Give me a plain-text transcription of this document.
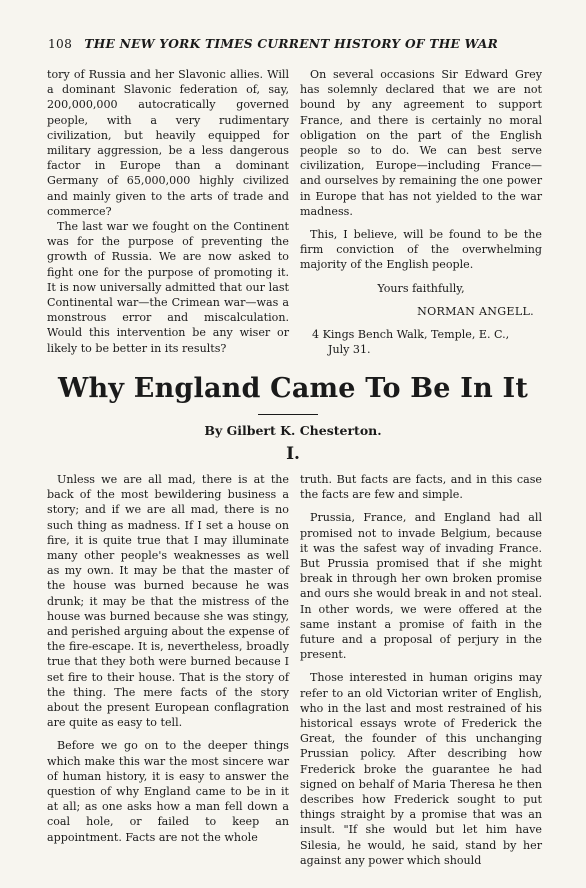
108 THE NEW YORK TIMES CURRENT HISTORY OF THE WAR

tory of Russia and her Slavonic allies. Will a dominant Slavonic federation of, say, 200,000,000 autocratically governed people, with a very rudimentary civilization, but heavily equipped for military aggression, be a less dangerous factor in Europe than a dominant Germany of 65,000,000 highly civilized and mainly given to the arts of trade and commerce?

The last war we fought on the Continent was for the purpose of preventing the growth of Russia. We are now asked to fight one for the purpose of promoting it. It is now universally admitted that our last Continental war—the Crimean war—was a monstrous error and miscalculation. Would this intervention be any wiser or likely to be better in its results?

On several occasions Sir Edward Grey has solemnly declared that we are not bound by any agreement to support France, and there is certainly no moral obligation on the part of the English people so to do. We can best serve civilization, Europe—including France—and ourselves by remaining the one power in Europe that has not yielded to the war madness.

This, I believe, will be found to be the firm conviction of the overwhelming majority of the English people.

Yours faithfully,

NORMAN ANGELL.

4 Kings Bench Walk, Temple, E. C.,

July 31.

Why England Came To Be In It
By Gilbert K. Chesterton.
I.

Unless we are all mad, there is at the back of the most bewildering business a story; and if we are all mad, there is no such thing as madness. If I set a house on fire, it is quite true that I may illuminate many other people's weaknesses as well as my own. It may be that the master of the house was burned because he was drunk; it may be that the mistress of the house was burned because she was stingy, and perished arguing about the expense of the fire-escape. It is, nevertheless, broadly true that they both were burned because I set fire to their house. That is the story of the thing. The mere facts of the story about the present European conflagration are quite as easy to tell.

Before we go on to the deeper things which make this war the most sincere war of human history, it is easy to answer the question of why England came to be in it at all; as one asks how a man fell down a coal hole, or failed to keep an appointment. Facts are not the whole

truth. But facts are facts, and in this case the facts are few and simple.

Prussia, France, and England had all promised not to invade Belgium, because it was the safest way of invading France. But Prussia promised that if she might break in through her own broken promise and ours she would break in and not steal. In other words, we were offered at the same instant a promise of faith in the future and a proposal of perjury in the present.

Those interested in human origins may refer to an old Victorian writer of English, who in the last and most restrained of his historical essays wrote of Frederick the Great, the founder of this unchanging Prussian policy. After describing how Frederick broke the guarantee he had signed on behalf of Maria Theresa he then describes how Frederick sought to put things straight by a promise that was an insult. "If she would but let him have Silesia, he would, he said, stand by her against any power which should
